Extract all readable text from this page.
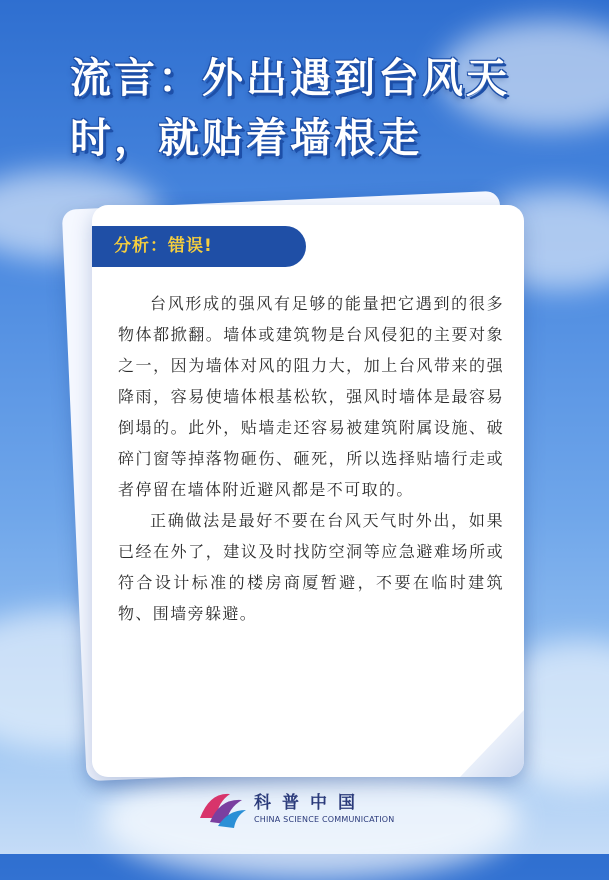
流言：外出遇到台风天时，就贴着墙根走
分析：错误!

台风形成的强风有足够的能量把它遇到的很多物体都掀翻。墙体或建筑物是台风侵犯的主要对象之一，因为墙体对风的阻力大，加上台风带来的强降雨，容易使墙体根基松软，强风时墙体是最容易倒塌的。此外，贴墙走还容易被建筑附属设施、破碎门窗等掉落物砸伤、砸死，所以选择贴墙行走或者停留在墙体附近避风都是不可取的。

正确做法是最好不要在台风天气时外出，如果已经在外了，建议及时找防空洞等应急避难场所或符合设计标准的楼房商厦暂避，不要在临时建筑物、围墙旁躲避。

科普中国
CHINA SCIENCE COMMUNICATION
